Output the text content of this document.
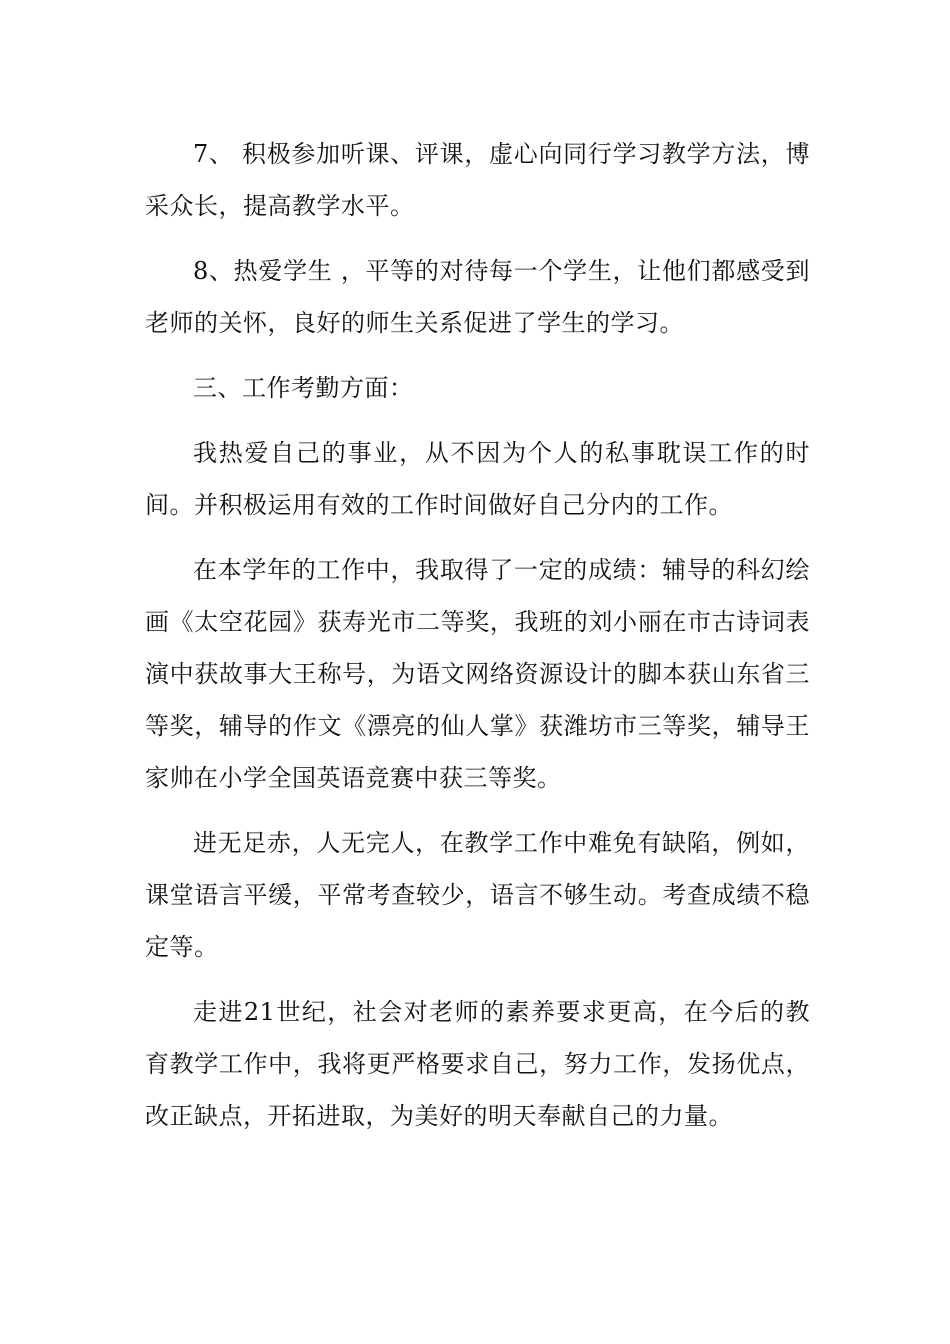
7、 积极参加听课、评课，虚心向同行学习教学方法，博采众长，提高教学水平。

8、热爱学生 ，平等的对待每一个学生，让他们都感受到老师的关怀，良好的师生关系促进了学生的学习。

三、工作考勤方面：

我热爱自己的事业，从不因为个人的私事耽误工作的时间。并积极运用有效的工作时间做好自己分内的工作。

在本学年的工作中，我取得了一定的成绩：辅导的科幻绘画《太空花园》获寿光市二等奖，我班的刘小丽在市古诗词表演中获故事大王称号，为语文网络资源设计的脚本获山东省三等奖，辅导的作文《漂亮的仙人掌》获潍坊市三等奖，辅导王家帅在小学全国英语竞赛中获三等奖。

进无足赤，人无完人，在教学工作中难免有缺陷，例如，课堂语言平缓，平常考查较少，语言不够生动。考查成绩不稳定等。

走进21世纪，社会对老师的素养要求更高，在今后的教育教学工作中，我将更严格要求自己，努力工作，发扬优点，改正缺点，开拓进取，为美好的明天奉献自己的力量。
